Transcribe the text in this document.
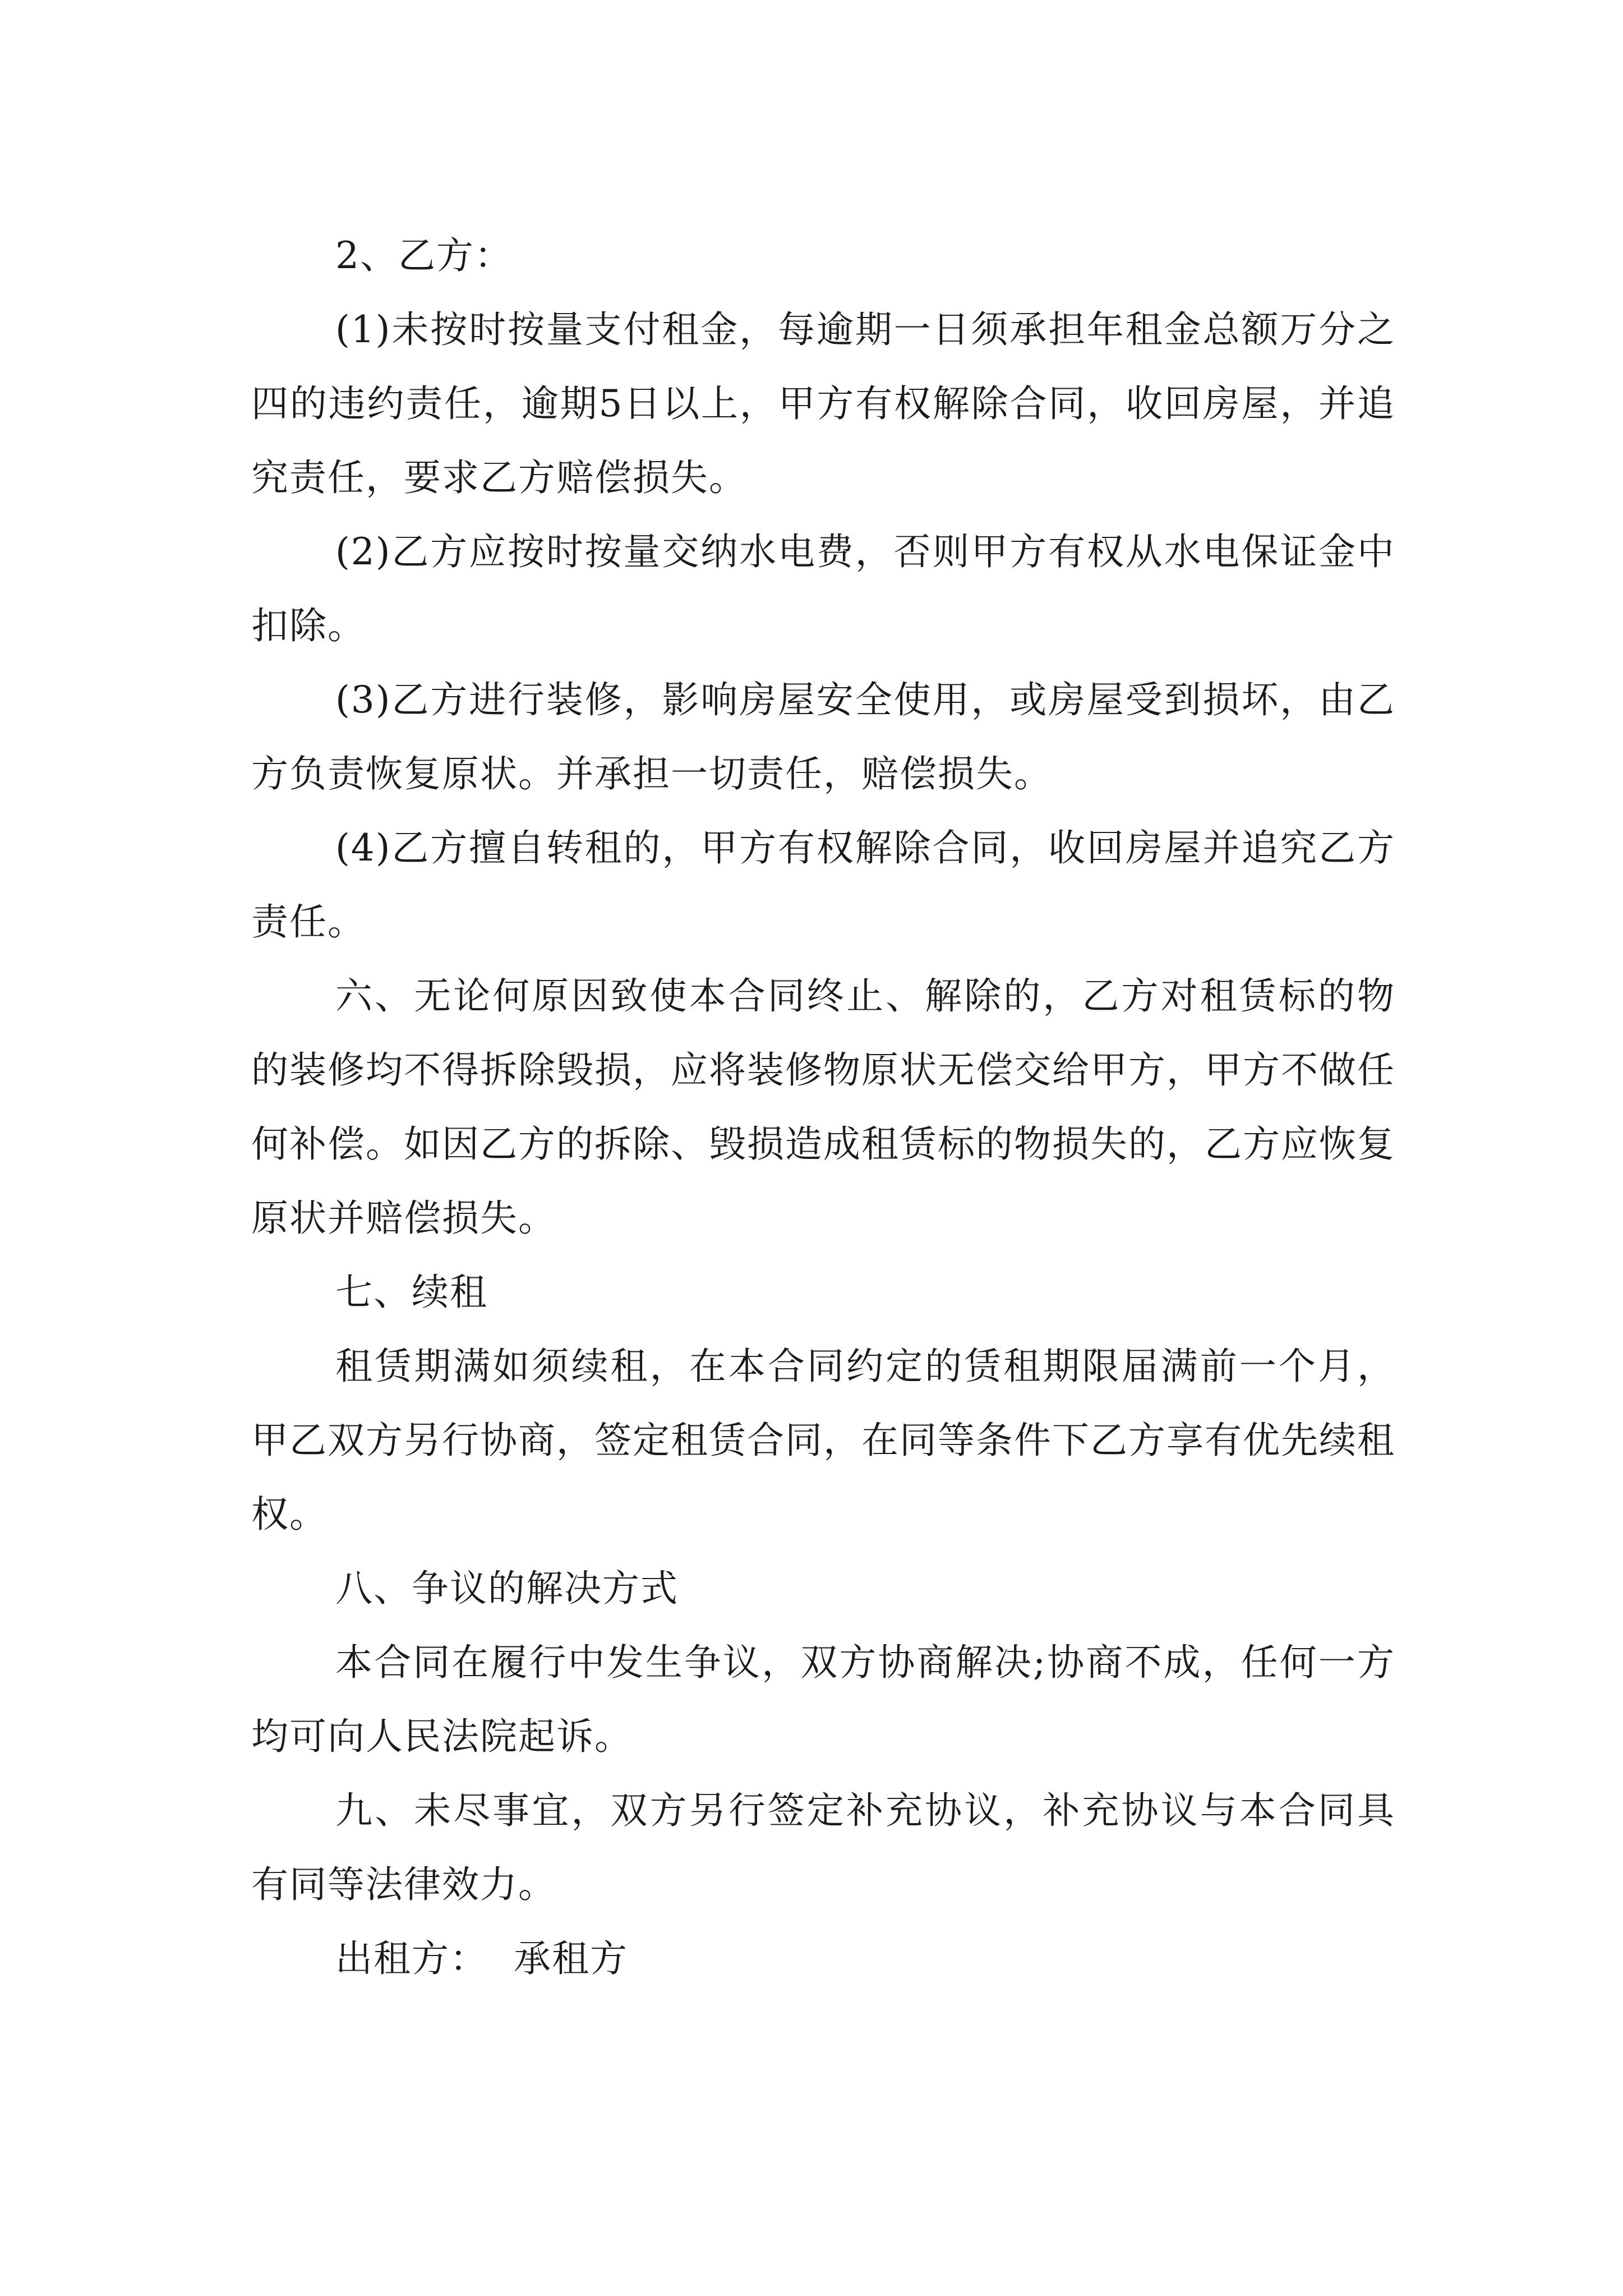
2、乙方：

(1)未按时按量支付租金，每逾期一日须承担年租金总额万分之四的违约责任，逾期5日以上，甲方有权解除合同，收回房屋，并追究责任，要求乙方赔偿损失。

(2)乙方应按时按量交纳水电费，否则甲方有权从水电保证金中扣除。

(3)乙方进行装修，影响房屋安全使用，或房屋受到损坏，由乙方负责恢复原状。并承担一切责任，赔偿损失。

(4)乙方擅自转租的，甲方有权解除合同，收回房屋并追究乙方责任。

六、无论何原因致使本合同终止、解除的，乙方对租赁标的物的装修均不得拆除毁损，应将装修物原状无偿交给甲方，甲方不做任何补偿。如因乙方的拆除、毁损造成租赁标的物损失的，乙方应恢复原状并赔偿损失。

七、续租

租赁期满如须续租，在本合同约定的赁租期限届满前一个月，甲乙双方另行协商，签定租赁合同，在同等条件下乙方享有优先续租权。

八、争议的解决方式

本合同在履行中发生争议，双方协商解决;协商不成，任何一方均可向人民法院起诉。

九、未尽事宜，双方另行签定补充协议，补充协议与本合同具有同等法律效力。

出租方： 承租方
